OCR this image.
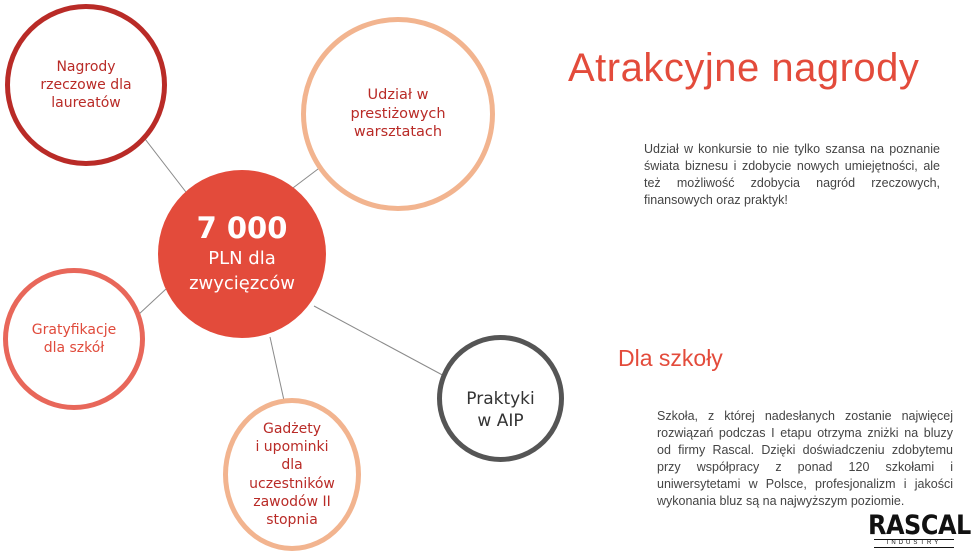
Nagrody
rzeczowe dla
laureatów
Udział w
prestiżowych
warsztatach
7 000
PLN dla
zwycięzców
Gratyfikacje
dla szkół
Gadżety
i upominki
dla
uczestników
zawodów II
stopnia
Praktyki
w AIP
Atrakcyjne nagrody
Udział w konkursie to nie tylko szansa na poznanie świata biznesu i zdobycie nowych umiejętności, ale też możliwość zdobycia nagród rzeczowych, finansowych oraz praktyk!
Dla szkoły
Szkoła, z której nadesłanych zostanie najwięcej rozwiązań podczas I etapu otrzyma zniżki na bluzy od firmy Rascal. Dzięki doświadczeniu zdobytemu przy współpracy z ponad 120 szkołami i uniwersytetami w Polsce, profesjonalizm i jakości wykonania bluz są na najwyższym poziomie.
RASCAL
INDUSTRY
